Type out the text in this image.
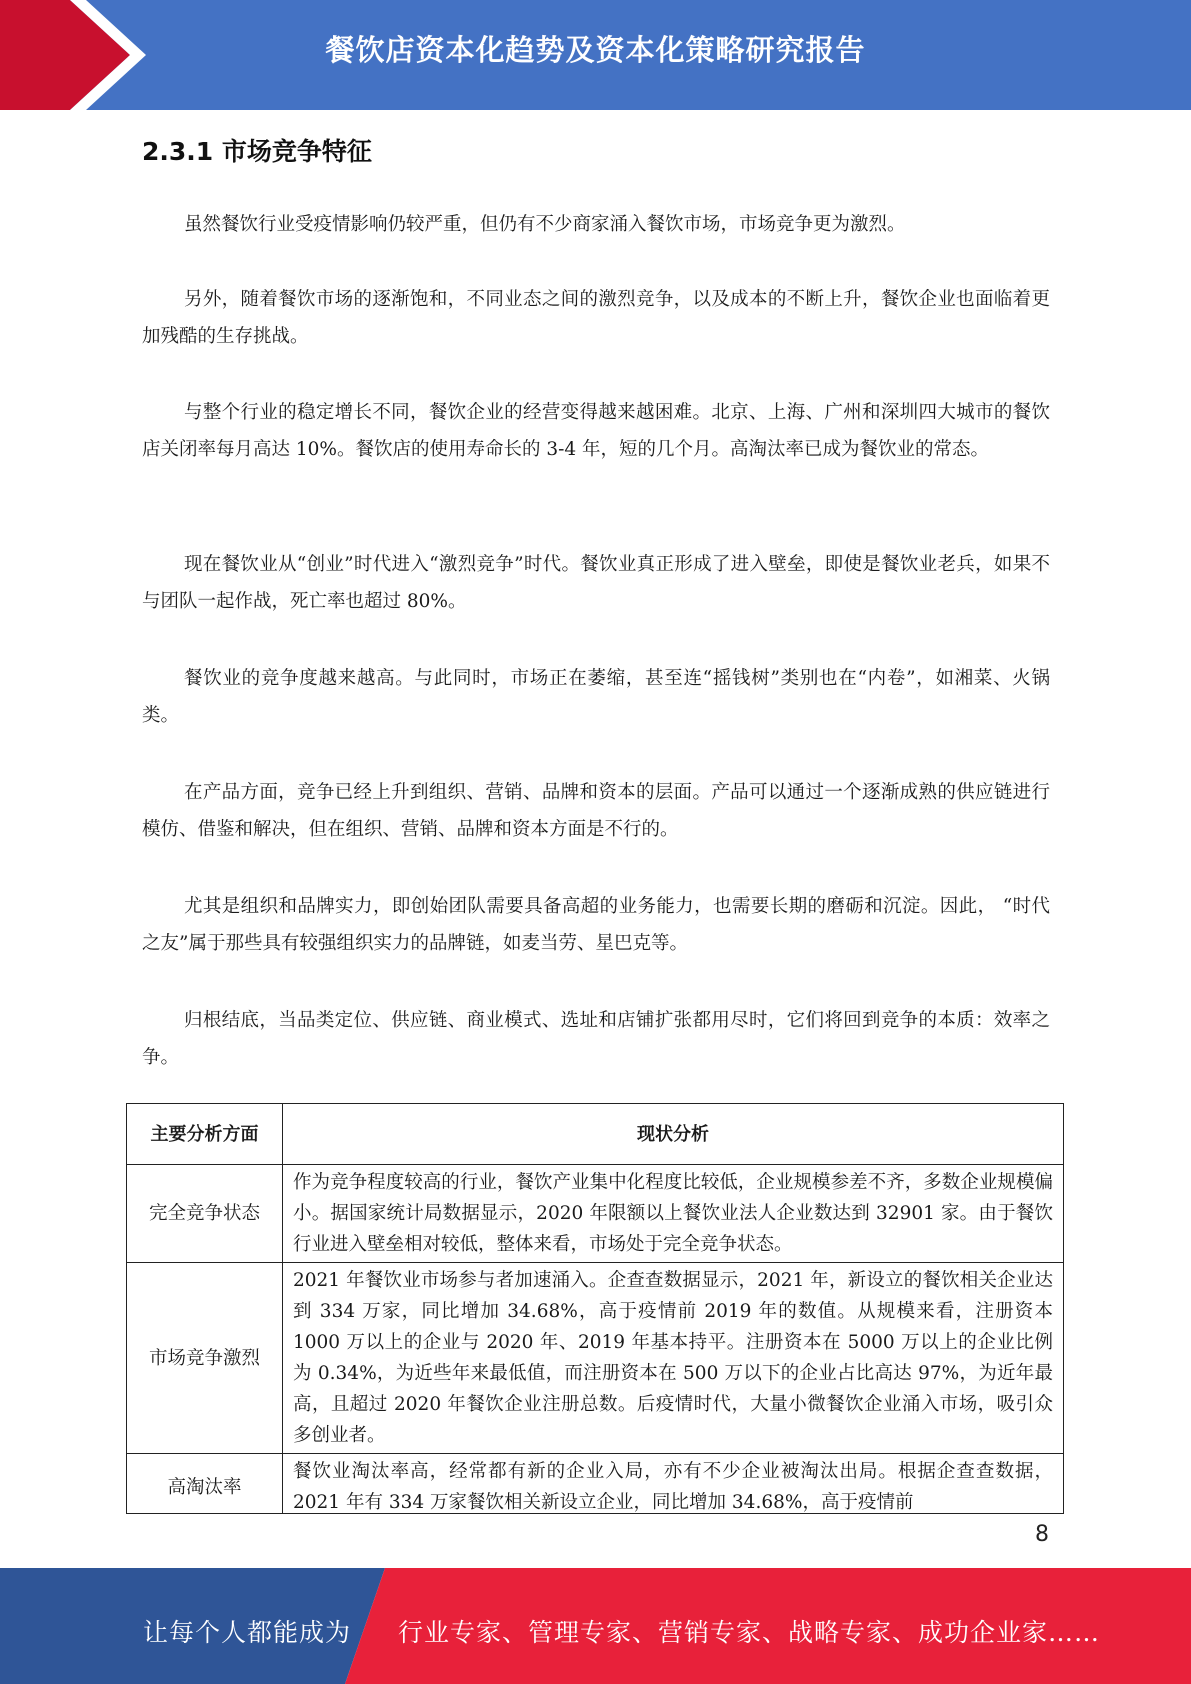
餐饮店资本化趋势及资本化策略研究报告
2.3.1 市场竞争特征

虽然餐饮行业受疫情影响仍较严重，但仍有不少商家涌入餐饮市场，市场竞争更为激烈。

另外，随着餐饮市场的逐渐饱和，不同业态之间的激烈竞争，以及成本的不断上升，餐饮企业也面临着更加残酷的生存挑战。

与整个行业的稳定增长不同，餐饮企业的经营变得越来越困难。北京、上海、广州和深圳四大城市的餐饮店关闭率每月高达 10%。餐饮店的使用寿命长的 3-4 年，短的几个月。高淘汰率已成为餐饮业的常态。

现在餐饮业从“创业”时代进入“激烈竞争”时代。餐饮业真正形成了进入壁垒，即使是餐饮业老兵，如果不与团队一起作战，死亡率也超过 80%。

餐饮业的竞争度越来越高。与此同时，市场正在萎缩，甚至连“摇钱树”类别也在“内卷”，如湘菜、火锅类。

在产品方面，竞争已经上升到组织、营销、品牌和资本的层面。产品可以通过一个逐渐成熟的供应链进行模仿、借鉴和解决，但在组织、营销、品牌和资本方面是不行的。

尤其是组织和品牌实力，即创始团队需要具备高超的业务能力，也需要长期的磨砺和沉淀。因此， “时代之友”属于那些具有较强组织实力的品牌链，如麦当劳、星巴克等。

归根结底，当品类定位、供应链、商业模式、选址和店铺扩张都用尽时，它们将回到竞争的本质：效率之争。

主要分析方面	现状分析
完全竞争状态	作为竞争程度较高的行业，餐饮产业集中化程度比较低，企业规模参差不齐，多数企业规模偏小。据国家统计局数据显示，2020 年限额以上餐饮业法人企业数达到 32901 家。由于餐饮行业进入壁垒相对较低，整体来看，市场处于完全竞争状态。
市场竞争激烈	2021 年餐饮业市场参与者加速涌入。企查查数据显示，2021 年，新设立的餐饮相关企业达到 334 万家，同比增加 34.68%，高于疫情前 2019 年的数值。从规模来看，注册资本 1000 万以上的企业与 2020 年、2019 年基本持平。注册资本在 5000 万以上的企业比例为 0.34%，为近些年来最低值，而注册资本在 500 万以下的企业占比高达 97%，为近年最高，且超过 2020 年餐饮企业注册总数。后疫情时代，大量小微餐饮企业涌入市场，吸引众多创业者。
高淘汰率	餐饮业淘汰率高，经常都有新的企业入局，亦有不少企业被淘汰出局。根据企查查数据，2021 年有 334 万家餐饮相关新设立企业，同比增加 34.68%，高于疫情前
8
让每个人都能成为 行业专家、管理专家、营销专家、战略专家、成功企业家……
